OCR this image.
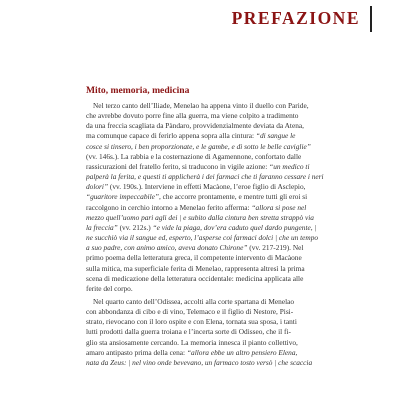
PREFAZIONE
Mito, memoria, medicina
Nel terzo canto dell’Iliade, Menelao ha appena vinto il duello con Paride,
che avrebbe dovuto porre fine alla guerra, ma viene colpito a tradimento
da una freccia scagliata da Pàndaro, provvidenzialmente deviata da Atena,
ma comunque capace di ferirlo appena sopra alla cintura: “di sangue le
cosce si tinsero, i ben proporzionate, e le gambe, e di sotto le belle caviglie”
(vv. 146s.). La rabbia e la costernazione di Agamennone, confortato dalle
rassicurazioni del fratello ferito, si traducono in vigile azione: “un medico ti
palperà la ferita, e questi ti applicherà i dei farmaci che ti faranno cessare i neri
dolori” (vv. 190s.). Interviene in effetti Macàone, l’eroe figlio di Asclepio,
“guaritore impeccabile”, che accorre prontamente, e mentre tutti gli eroi si
raccolgono in cerchio intorno a Menelao ferito afferma: “allora si pose nel
mezzo quell’uomo pari agli dei | e subito dalla cintura ben stretta strappò via
la freccia” (vv. 212s.) “e vide la piaga, dov’era caduto quel dardo pungente, |
ne succhiò via il sangue ed, esperto, l’asperse coi farmaci dolci | che un tempo
a suo padre, con animo amico, aveva donato Chirone” (vv. 217-219). Nel
primo poema della letteratura greca, il competente intervento di Macàone
sulla mitica, ma superficiale ferita di Menelao, rappresenta altresì la prima
scena di medicazione della letteratura occidentale: medicina applicata alle
ferite del corpo.
Nel quarto canto dell’Odissea, accolti alla corte spartana di Menelao
con abbondanza di cibo e di vino, Telemaco e il figlio di Nestore, Pisi-
strato, rievocano con il loro ospite e con Elena, tornata sua sposa, i tanti
lutti prodotti dalla guerra troiana e l’incerta sorte di Odisseo, che il fi-
glio sta ansiosamente cercando. La memoria innesca il pianto collettivo,
amaro antipasto prima della cena: “allora ebbe un altro pensiero Elena,
nata da Zeus: | nel vino onde bevevano, un farmaco tosto versò | che scaccia
